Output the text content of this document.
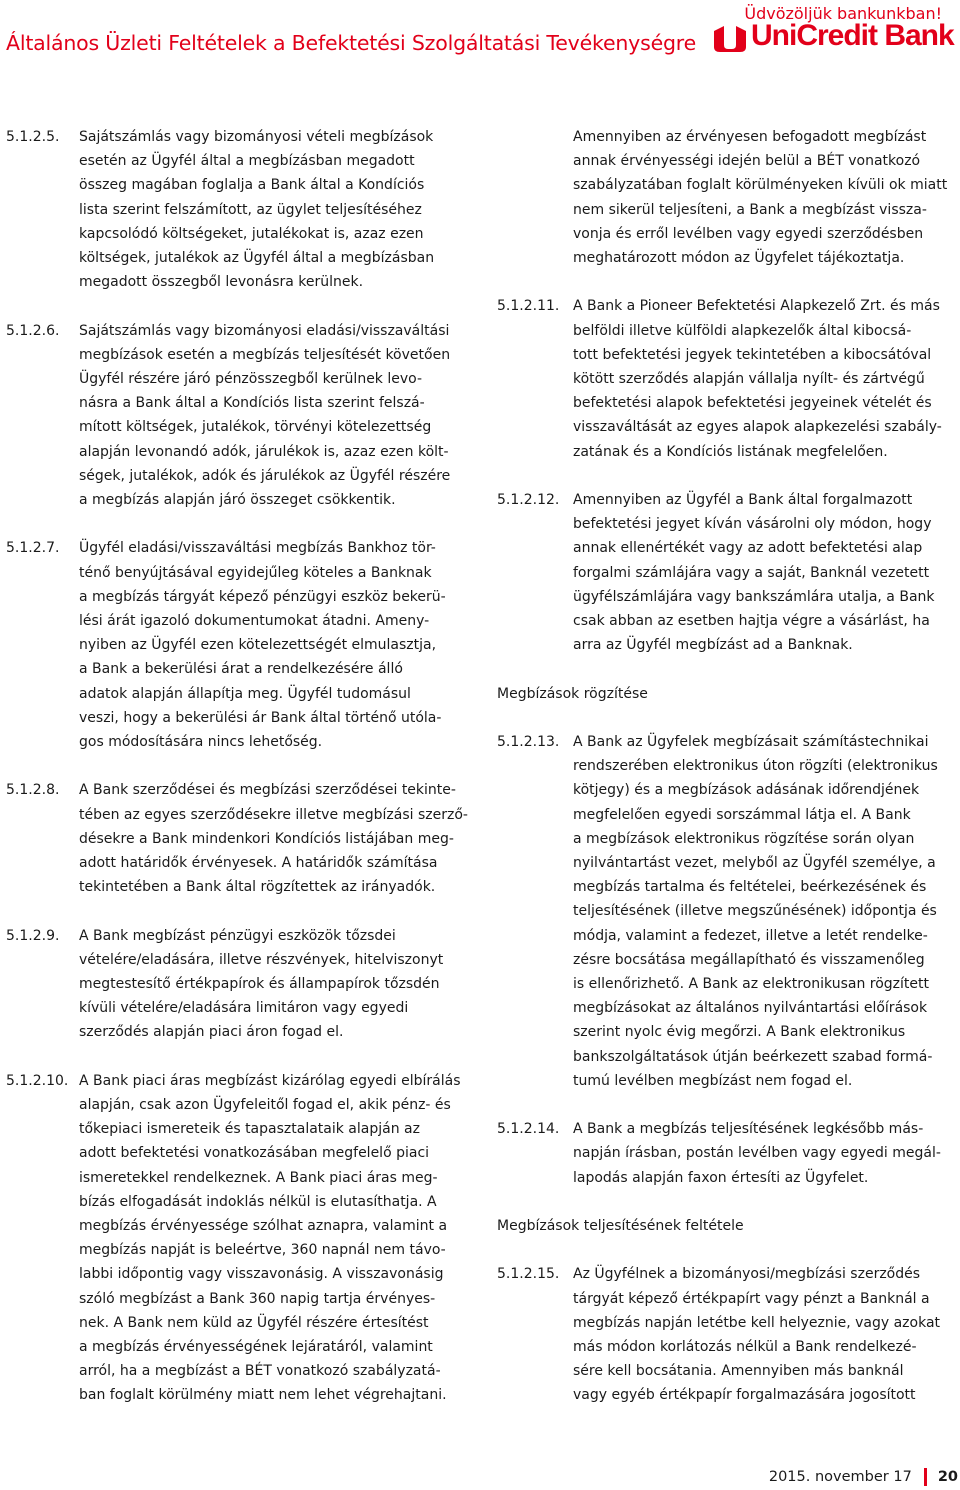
Általános Üzleti Feltételek a Befektetési Szolgáltatási Tevékenységre
Üdvözöljük bankunkban!
UniCredit Bank
5.1.2.5. Sajátszámlás vagy bizományosi vételi megbízások
esetén az Ügyfél által a megbízásban megadott
összeg magában foglalja a Bank által a Kondíciós
lista szerint felszámított, az ügylet teljesítéséhez
kapcsolódó költségeket, jutalékokat is, azaz ezen
költségek, jutalékok az Ügyfél által a megbízásban
megadott összegből levonásra kerülnek.

5.1.2.6. Sajátszámlás vagy bizományosi eladási/visszaváltási
megbízások esetén a megbízás teljesítését követően
Ügyfél részére járó pénzösszegből kerülnek levo-
násra a Bank által a Kondíciós lista szerint felszá-
mított költségek, jutalékok, törvényi kötelezettség
alapján levonandó adók, járulékok is, azaz ezen költ-
ségek, jutalékok, adók és járulékok az Ügyfél részére
a megbízás alapján járó összeget csökkentik.

5.1.2.7. Ügyfél eladási/visszaváltási megbízás Bankhoz tör-
ténő benyújtásával egyidejűleg köteles a Banknak
a megbízás tárgyát képező pénzügyi eszköz bekerü-
lési árát igazoló dokumentumokat átadni. Ameny-
nyiben az Ügyfél ezen kötelezettségét elmulasztja,
a Bank a bekerülési árat a rendelkezésére álló
adatok alapján állapítja meg. Ügyfél tudomásul
veszi, hogy a bekerülési ár Bank által történő utóla-
gos módosítására nincs lehetőség.

5.1.2.8. A Bank szerződései és megbízási szerződései tekinte-
tében az egyes szerződésekre illetve megbízási szerző-
désekre a Bank mindenkori Kondíciós listájában meg-
adott határidők érvényesek. A határidők számítása
tekintetében a Bank által rögzítettek az irányadók.

5.1.2.9. A Bank megbízást pénzügyi eszközök tőzsdei
vételére/eladására, illetve részvények, hitelviszonyt
megtestesítő értékpapírok és állampapírok tőzsdén
kívüli vételére/eladására limitáron vagy egyedi
szerződés alapján piaci áron fogad el.

5.1.2.10. A Bank piaci áras megbízást kizárólag egyedi elbírálás
alapján, csak azon Ügyfeleitől fogad el, akik pénz- és
tőkepiaci ismereteik és tapasztalataik alapján az
adott befektetési vonatkozásában megfelelő piaci
ismeretekkel rendelkeznek. A Bank piaci áras meg-
bízás elfogadását indoklás nélkül is elutasíthatja. A
megbízás érvényessége szólhat aznapra, valamint a
megbízás napját is beleértve, 360 napnál nem távo-
labbi időpontig vagy visszavonásig. A visszavonásig
szóló megbízást a Bank 360 napig tartja érvényes-
nek. A Bank nem küld az Ügyfél részére értesítést
a megbízás érvényességének lejáratáról, valamint
arról, ha a megbízást a BÉT vonatkozó szabályzatá-
ban foglalt körülmény miatt nem lehet végrehajtani.

Amennyiben az érvényesen befogadott megbízást
annak érvényességi idején belül a BÉT vonatkozó
szabályzatában foglalt körülményeken kívüli ok miatt
nem sikerül teljesíteni, a Bank a megbízást vissza-
vonja és erről levélben vagy egyedi szerződésben
meghatározott módon az Ügyfelet tájékoztatja.

5.1.2.11. A Bank a Pioneer Befektetési Alapkezelő Zrt. és más
belföldi illetve külföldi alapkezelők által kibocsá-
tott befektetési jegyek tekintetében a kibocsátóval
kötött szerződés alapján vállalja nyílt- és zártvégű
befektetési alapok befektetési jegyeinek vételét és
visszaváltását az egyes alapok alapkezelési szabály-
zatának és a Kondíciós listának megfelelően.

5.1.2.12. Amennyiben az Ügyfél a Bank által forgalmazott
befektetési jegyet kíván vásárolni oly módon, hogy
annak ellenértékét vagy az adott befektetési alap
forgalmi számlájára vagy a saját, Banknál vezetett
ügyfélszámlájára vagy bankszámlára utalja, a Bank
csak abban az esetben hajtja végre a vásárlást, ha
arra az Ügyfél megbízást ad a Banknak.

Megbízások rögzítése
5.1.2.13. A Bank az Ügyfelek megbízásait számítástechnikai
rendszerében elektronikus úton rögzíti (elektronikus
kötjegy) és a megbízások adásának időrendjének
megfelelően egyedi sorszámmal látja el. A Bank
a megbízások elektronikus rögzítése során olyan
nyilvántartást vezet, melyből az Ügyfél személye, a
megbízás tartalma és feltételei, beérkezésének és
teljesítésének (illetve megszűnésének) időpontja és
módja, valamint a fedezet, illetve a letét rendelke-
zésre bocsátása megállapítható és visszamenőleg
is ellenőrizhető. A Bank az elektronikusan rögzített
megbízásokat az általános nyilvántartási előírások
szerint nyolc évig megőrzi. A Bank elektronikus
bankszolgáltatások útján beérkezett szabad formá-
tumú levélben megbízást nem fogad el.

5.1.2.14. A Bank a megbízás teljesítésének legkésőbb más-
napján írásban, postán levélben vagy egyedi megál-
lapodás alapján faxon értesíti az Ügyfelet.

Megbízások teljesítésének feltétele
5.1.2.15. Az Ügyfélnek a bizományosi/megbízási szerződés
tárgyát képező értékpapírt vagy pénzt a Banknál a
megbízás napján letétbe kell helyeznie, vagy azokat
más módon korlátozás nélkül a Bank rendelkezé-
sére kell bocsátania. Amennyiben más banknál
vagy egyéb értékpapír forgalmazására jogosított

2015. november 17 20
